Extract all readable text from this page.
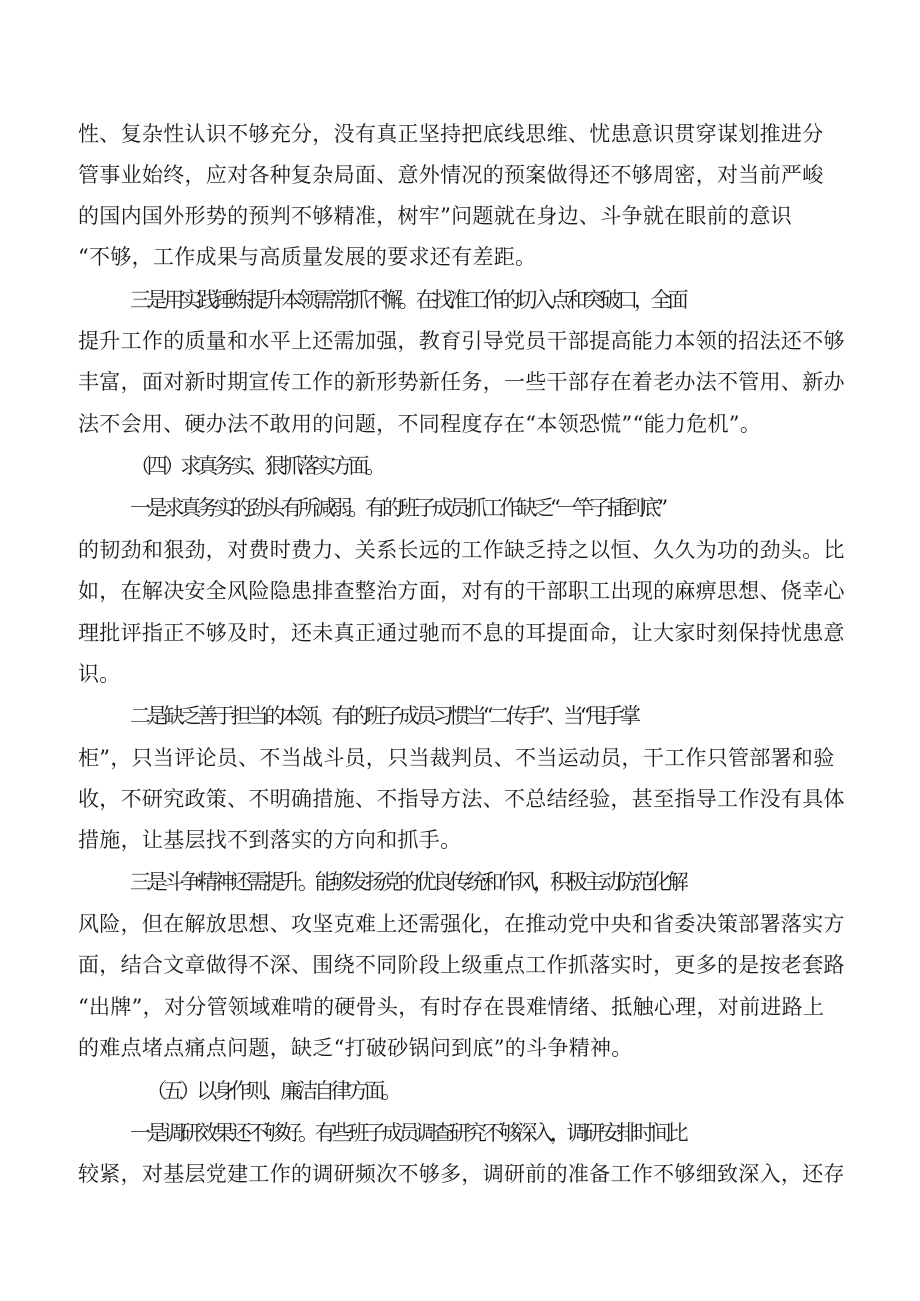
性、复杂性认识不够充分，没有真正坚持把底线思维、忧患意识贯穿谋划推进分
管事业始终，应对各种复杂局面、意外情况的预案做得还不够周密，对当前严峻
的国内国外形势的预判不够精准，树牢”问题就在身边、斗争就在眼前的意识
“不够，工作成果与高质量发展的要求还有差距。
三是用实践锤炼提升本领需常抓不懈。在找准工作的切入点和突破口，全面
提升工作的质量和水平上还需加强，教育引导党员干部提高能力本领的招法还不够
丰富，面对新时期宣传工作的新形势新任务，一些干部存在着老办法不管用、新办
法不会用、硬办法不敢用的问题，不同程度存在“本领恐慌”“能力危机”。
（四）求真务实、狠抓落实方面。
一是求真务实的劲头有所减弱。有的班子成员抓工作缺乏“一竿子插到底”
的韧劲和狠劲，对费时费力、关系长远的工作缺乏持之以恒、久久为功的劲头。比
如，在解决安全风险隐患排查整治方面，对有的干部职工出现的麻痹思想、侥幸心
理批评指正不够及时，还未真正通过驰而不息的耳提面命，让大家时刻保持忧患意
识。
二是缺乏善于担当的本领。有的班子成员习惯当“二传手”、当“甩手掌
柜”，只当评论员、不当战斗员，只当裁判员、不当运动员，干工作只管部署和验
收，不研究政策、不明确措施、不指导方法、不总结经验，甚至指导工作没有具体
措施，让基层找不到落实的方向和抓手。
三是斗争精神还需提升。能够发扬党的优良传统和作风，积极主动防范化解
风险，但在解放思想、攻坚克难上还需强化，在推动党中央和省委决策部署落实方
面，结合文章做得不深、围绕不同阶段上级重点工作抓落实时，更多的是按老套路
“出牌”，对分管领域难啃的硬骨头，有时存在畏难情绪、抵触心理，对前进路上
的难点堵点痛点问题，缺乏“打破砂锅问到底”的斗争精神。
（五）以身作则、廉洁自律方面。
一是调研效果还不够好。有些班子成员调查研究不够深入，调研安排时间比
较紧，对基层党建工作的调研频次不够多，调研前的准备工作不够细致深入，还存
